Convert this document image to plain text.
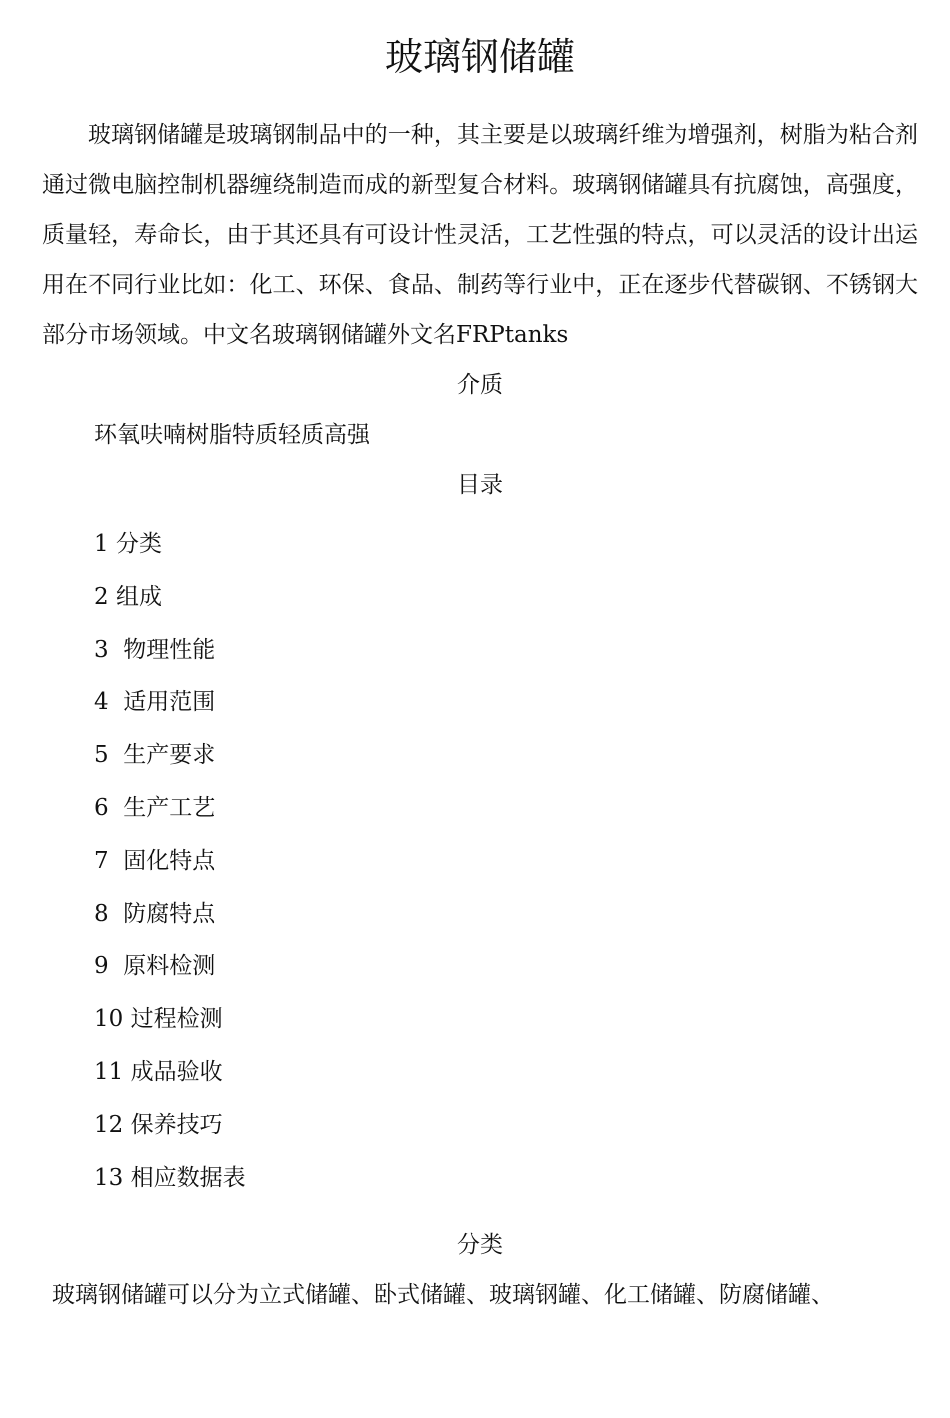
玻璃钢储罐

玻璃钢储罐是玻璃钢制品中的一种，其主要是以玻璃纤维为增强剂，树脂为粘合剂通过微电脑控制机器缠绕制造而成的新型复合材料。玻璃钢储罐具有抗腐蚀，高强度，质量轻，寿命长，由于其还具有可设计性灵活，工艺性强的特点，可以灵活的设计出运用在不同行业比如：化工、环保、食品、制药等行业中，正在逐步代替碳钢、不锈钢大部分市场领域。中文名玻璃钢储罐外文名FRPtanks

介质

环氧呋喃树脂特质轻质高强

目录
1 分类
2 组成
3  物理性能
4  适用范围
5  生产要求
6  生产工艺
7  固化特点
8  防腐特点
9  原料检测
10 过程检测
11 成品验收
12 保养技巧
13 相应数据表
分类

玻璃钢储罐可以分为立式储罐、卧式储罐、玻璃钢罐、化工储罐、防腐储罐、
